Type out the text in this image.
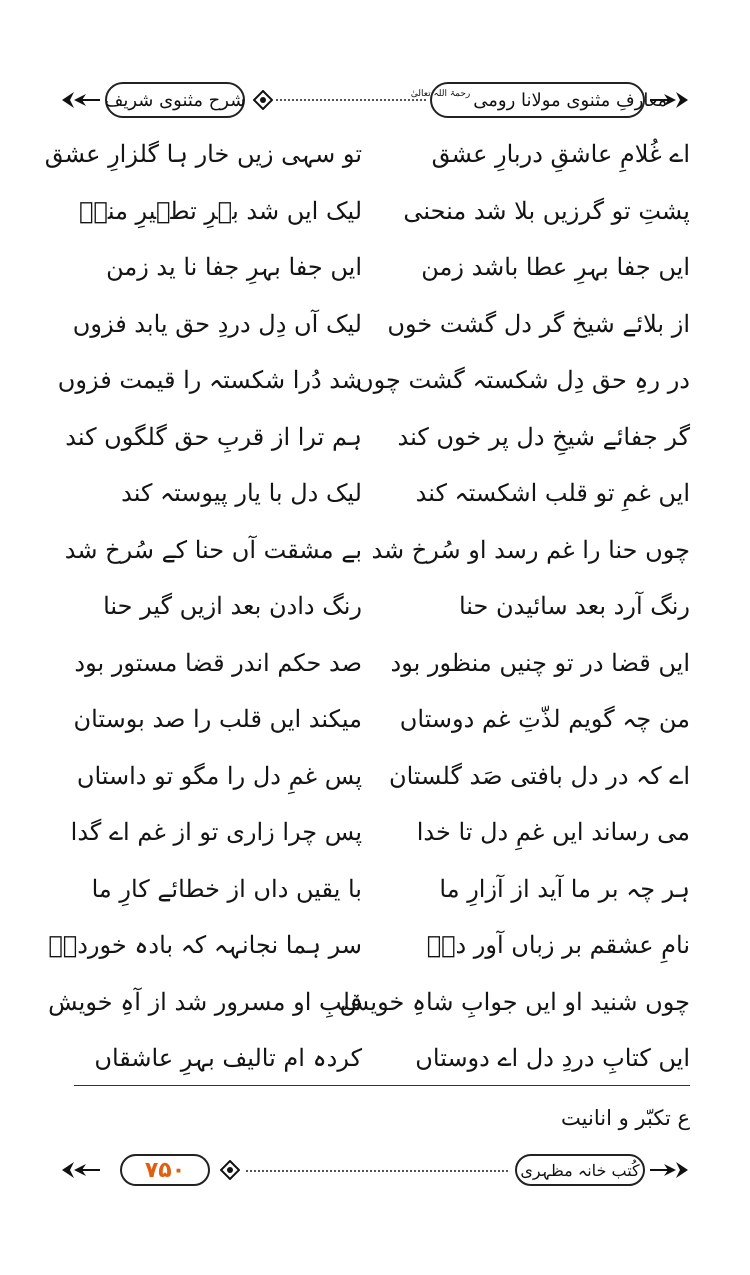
شرح مثنوی شریف	معارفِ مثنوی مولانا رومی
رحمۃ اللہ تعالیٰ
اے غُلامِ عاشقِ دربارِ عشق
تو سہی زیں خار ہا گلزارِ عشق
پشتِ تو گرزیں بلا شد منحنی
لیک ایں شد بہرِ تطہیرِ منیؔ
ایں جفا بہرِ عطا باشد زمن
ایں جفا بہرِ جفا نا ید زمن
از بلائے شیخ گر دل گشت خوں
لیک آں دِل دردِ حق یابد فزوں
در رہِ حق دِل شکستہ گشت چوں
شد دُرا شکستہ را قیمت فزوں
گر جفائے شیخِ دل پر خوں کند
ہم ترا از قربِ حق گلگوں کند
ایں غمِ تو قلب اشکستہ کند
لیک دل با یار پیوستہ کند
چوں حنا را غم رسد او سُرخ شد
بے مشقت آں حنا کے سُرخ شد
رنگ آرد بعد سائیدن حنا
رنگ دادن بعد ازیں گیر حنا
ایں قضا در تو چنیں منظور بود
صد حکم اندر قضا مستور بود
من چہ گویم لذّتِ غم دوستاں
میکند ایں قلب را صد بوستان
اے کہ در دل بافتی صَد گلستان
پس غمِ دل را مگو تو داستاں
می رساند ایں غمِ دل تا خدا
پس چرا زاری تو از غم اے گدا
ہر چہ بر ما آید از آزارِ ما
با یقیں داں از خطائے کارِ ما
نامِ عشقم بر زباں آور دہؔ
سر ہما نجانہہ کہ بادہ خوردہؔ
چوں شنید او ایں جوابِ شاہِ خویش
قلبِ او مسرور شد از آہِ خویش
ایں کتابِ دردِ دل اے دوستاں
کردہ ام تالیف بہرِ عاشقاں
ع تکبّر و انانیت
۷۵۰	کُتب خانہ مظہری
